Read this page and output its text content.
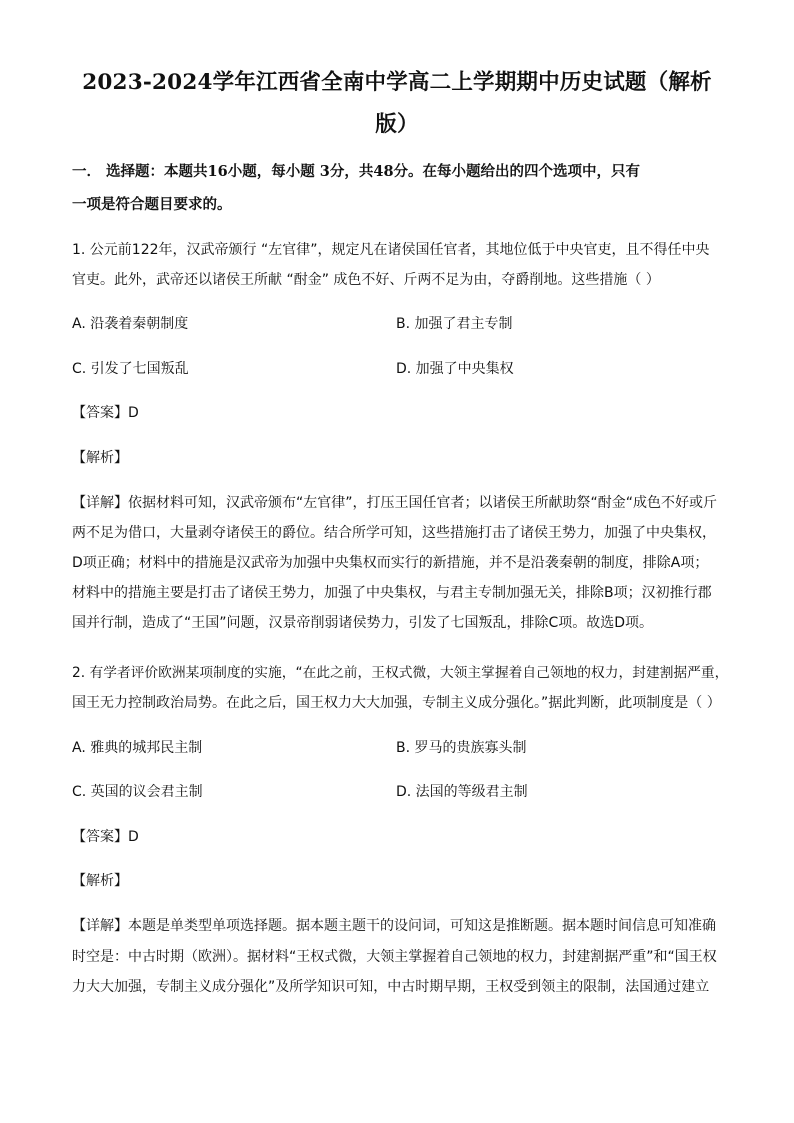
2023-2024学年江西省全南中学高二上学期期中历史试题（解析
版）
一． 选择题：本题共16小题，每小题 3分，共48分。在每小题给出的四个选项中，只有
一项是符合题目要求的。
1. 公元前122年，汉武帝颁行 “左官律”，规定凡在诸侯国任官者，其地位低于中央官吏，且不得任中央
官吏。此外，武帝还以诸侯王所献 “酎金” 成色不好、斤两不足为由，夺爵削地。这些措施（ ）
A. 沿袭着秦朝制度	B. 加强了君主专制
C. 引发了七国叛乱	D. 加强了中央集权
【答案】D
【解析】
【详解】依据材料可知，汉武帝颁布“左官律”，打压王国任官者；以诸侯王所献助祭“酎金“成色不好或斤
两不足为借口，大量剥夺诸侯王的爵位。结合所学可知，这些措施打击了诸侯王势力，加强了中央集权，
D项正确；材料中的措施是汉武帝为加强中央集权而实行的新措施，并不是沿袭秦朝的制度，排除A项；
材料中的措施主要是打击了诸侯王势力，加强了中央集权，与君主专制加强无关，排除B项；汉初推行郡
国并行制，造成了“王国”问题，汉景帝削弱诸侯势力，引发了七国叛乱，排除C项。故选D项。
2. 有学者评价欧洲某项制度的实施，“在此之前，王权式微，大领主掌握着自己领地的权力，封建割据严重，
国王无力控制政治局势。在此之后，国王权力大大加强，专制主义成分强化。”据此判断，此项制度是（ ）
A. 雅典的城邦民主制	B. 罗马的贵族寡头制
C. 英国的议会君主制	D. 法国的等级君主制
【答案】D
【解析】
【详解】本题是单类型单项选择题。据本题主题干的设问词，可知这是推断题。据本题时间信息可知准确
时空是：中古时期（欧洲）。据材料“王权式微，大领主掌握着自己领地的权力，封建割据严重”和“国王权
力大大加强，专制主义成分强化”及所学知识可知，中古时期早期，王权受到领主的限制，法国通过建立
